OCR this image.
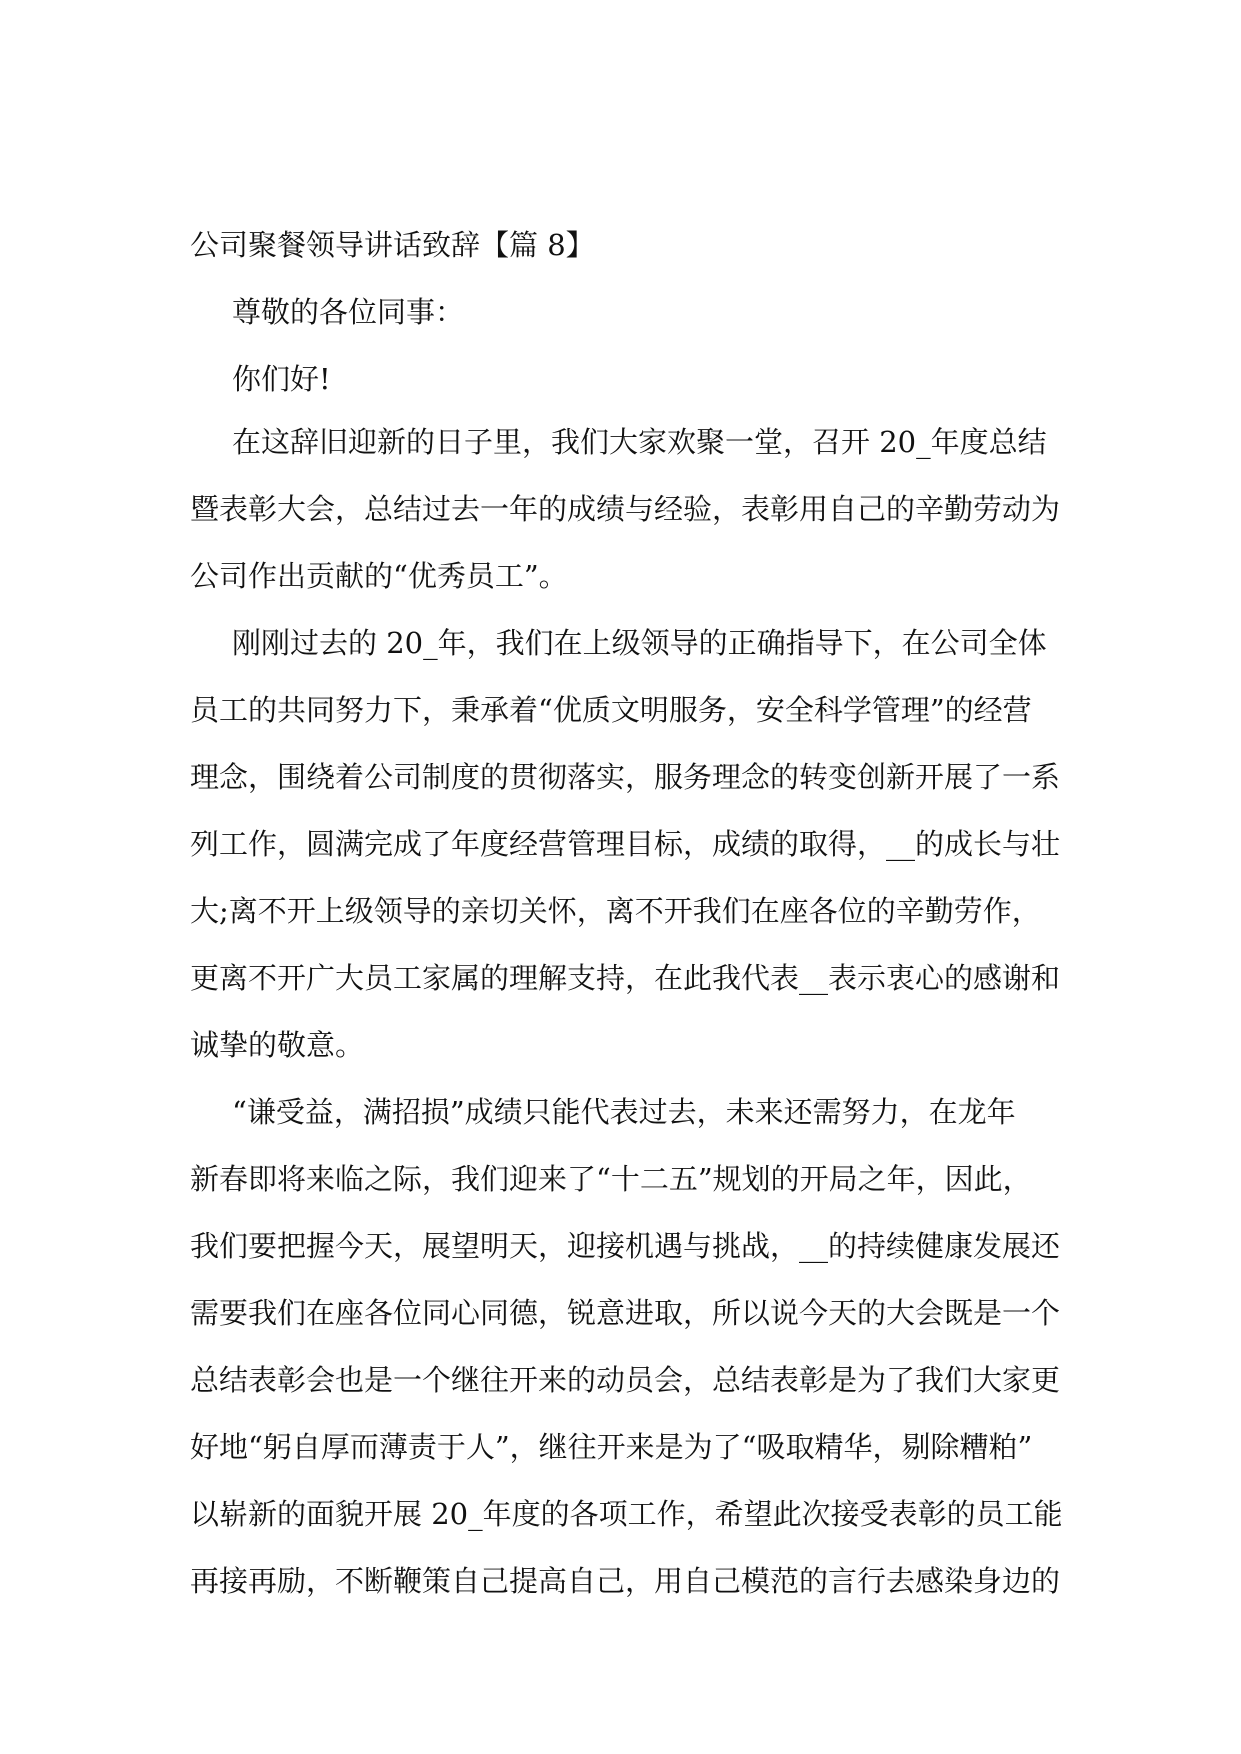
公司聚餐领导讲话致辞【篇 8】

尊敬的各位同事：

你们好!

在这辞旧迎新的日子里，我们大家欢聚一堂，召开 20_年度总结
暨表彰大会，总结过去一年的成绩与经验，表彰用自己的辛勤劳动为
公司作出贡献的“优秀员工”。

刚刚过去的 20_年，我们在上级领导的正确指导下，在公司全体
员工的共同努力下，秉承着“优质文明服务，安全科学管理”的经营
理念，围绕着公司制度的贯彻落实，服务理念的转变创新开展了一系
列工作，圆满完成了年度经营管理目标，成绩的取得，__的成长与壮
大;离不开上级领导的亲切关怀，离不开我们在座各位的辛勤劳作，
更离不开广大员工家属的理解支持，在此我代表__表示衷心的感谢和
诚挚的敬意。

“谦受益，满招损”成绩只能代表过去，未来还需努力，在龙年
新春即将来临之际，我们迎来了“十二五”规划的开局之年，因此，
我们要把握今天，展望明天，迎接机遇与挑战，__的持续健康发展还
需要我们在座各位同心同德，锐意进取，所以说今天的大会既是一个
总结表彰会也是一个继往开来的动员会，总结表彰是为了我们大家更
好地“躬自厚而薄责于人”，继往开来是为了“吸取精华，剔除糟粕”
以崭新的面貌开展 20_年度的各项工作，希望此次接受表彰的员工能
再接再励，不断鞭策自己提高自己，用自己模范的言行去感染身边的
